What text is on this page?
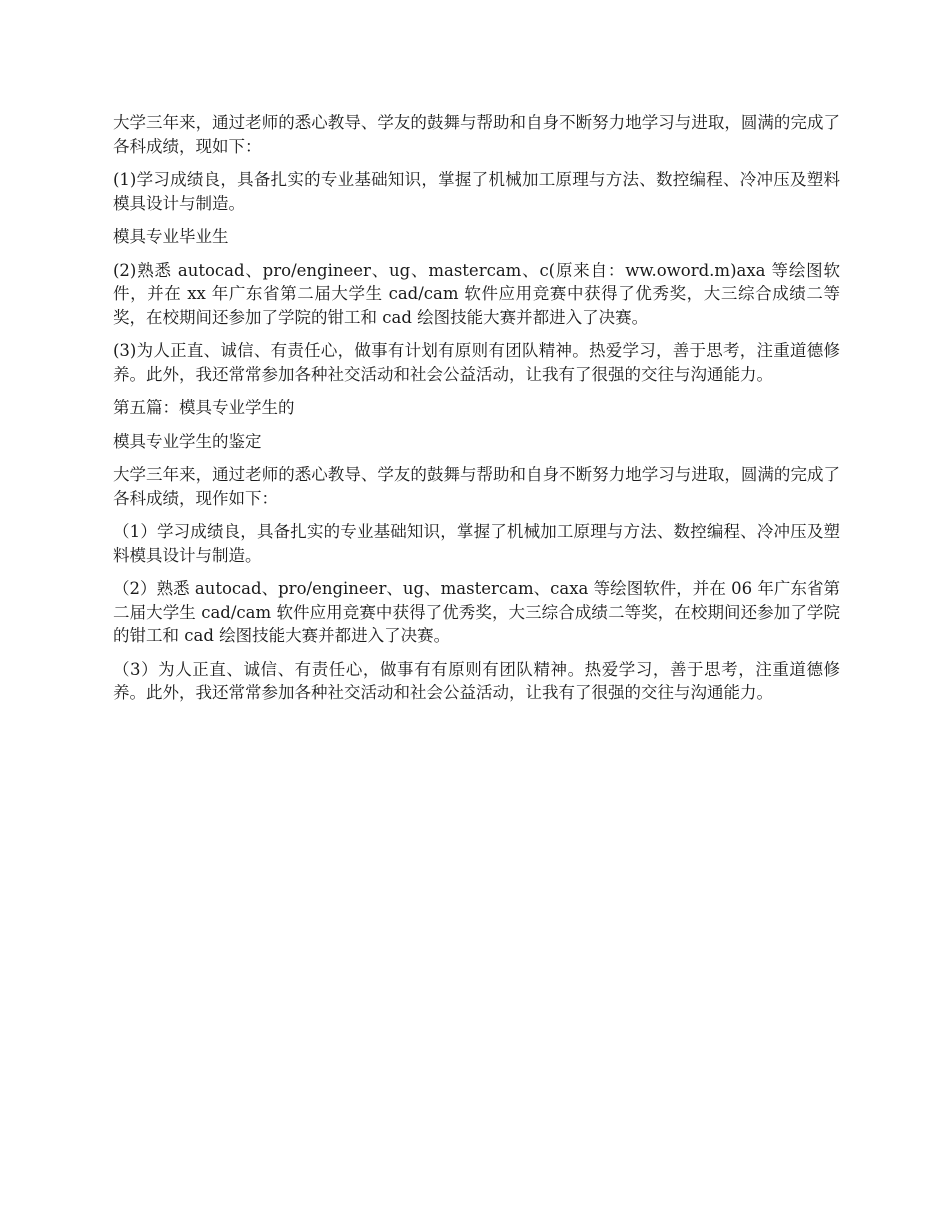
大学三年来，通过老师的悉心教导、学友的鼓舞与帮助和自身不断努力地学习与进取，圆满的完成了各科成绩，现如下：

(1)学习成绩良，具备扎实的专业基础知识，掌握了机械加工原理与方法、数控编程、冷冲压及塑料模具设计与制造。

模具专业毕业生

(2)熟悉 autocad、pro/engineer、ug、mastercam、c(原来自：ww.oword.m)axa 等绘图软件，并在 xx 年广东省第二届大学生 cad/cam 软件应用竞赛中获得了优秀奖，大三综合成绩二等奖，在校期间还参加了学院的钳工和 cad 绘图技能大赛并都进入了决赛。

(3)为人正直、诚信、有责任心，做事有计划有原则有团队精神。热爱学习，善于思考，注重道德修养。此外，我还常常参加各种社交活动和社会公益活动，让我有了很强的交往与沟通能力。

第五篇：模具专业学生的

模具专业学生的鉴定

大学三年来，通过老师的悉心教导、学友的鼓舞与帮助和自身不断努力地学习与进取，圆满的完成了各科成绩，现作如下：

（1）学习成绩良，具备扎实的专业基础知识，掌握了机械加工原理与方法、数控编程、冷冲压及塑料模具设计与制造。

（2）熟悉 autocad、pro/engineer、ug、mastercam、caxa 等绘图软件，并在 06 年广东省第二届大学生 cad/cam 软件应用竞赛中获得了优秀奖，大三综合成绩二等奖，在校期间还参加了学院的钳工和 cad 绘图技能大赛并都进入了决赛。

（3）为人正直、诚信、有责任心，做事有有原则有团队精神。热爱学习，善于思考，注重道德修养。此外，我还常常参加各种社交活动和社会公益活动，让我有了很强的交往与沟通能力。
